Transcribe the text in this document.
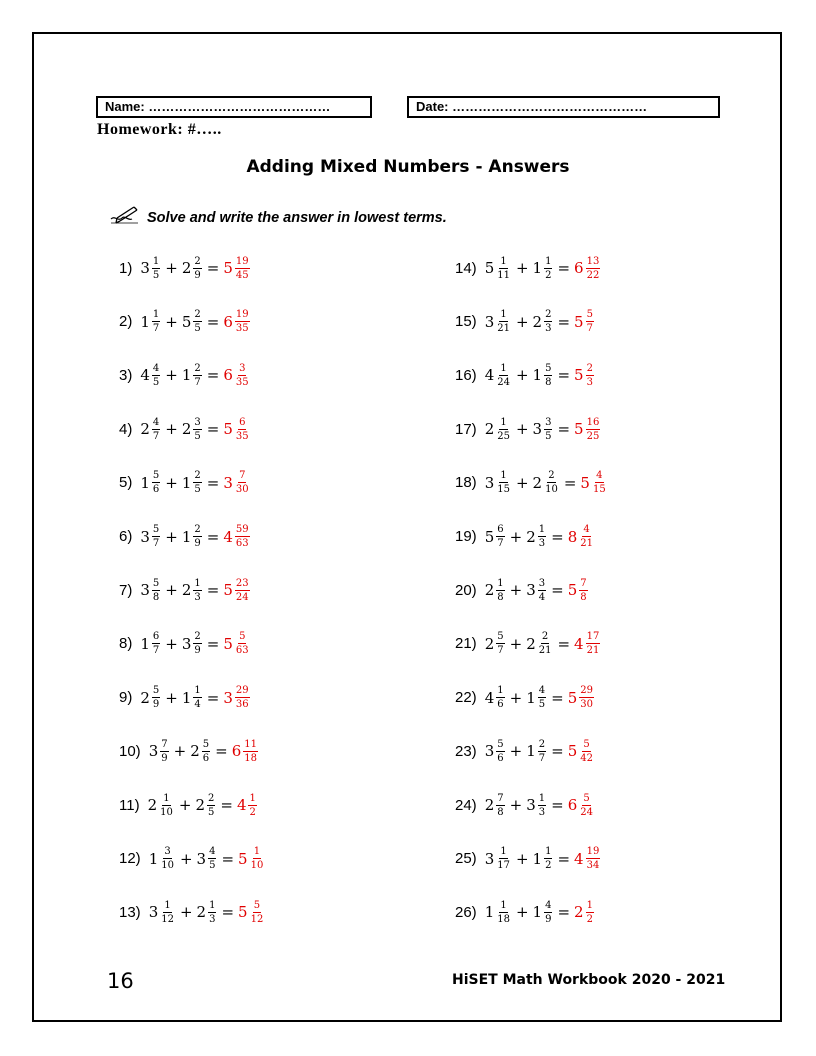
Name: ……………………………………	Date: ………………………………………
Homework: #…..
Adding Mixed Numbers - Answers
Solve and write the answer in lowest terms.
1) $3 \frac{1}{5} + 2 \frac{2}{9} = 5 \frac{19}{45}$
2) $1 \frac{1}{7} + 5 \frac{2}{5} = 6 \frac{19}{35}$
3) $4 \frac{4}{5} + 1 \frac{2}{7} = 6 \frac{3}{35}$
4) $2 \frac{4}{7} + 2 \frac{3}{5} = 5 \frac{6}{35}$
5) $1 \frac{5}{6} + 1 \frac{2}{5} = 3 \frac{7}{30}$
6) $3 \frac{5}{7} + 1 \frac{2}{9} = 4 \frac{59}{63}$
7) $3 \frac{5}{8} + 2 \frac{1}{3} = 5 \frac{23}{24}$
8) $1 \frac{6}{7} + 3 \frac{2}{9} = 5 \frac{5}{63}$
9) $2 \frac{5}{9} + 1 \frac{1}{4} = 3 \frac{29}{36}$
10) $3 \frac{7}{9} + 2 \frac{5}{6} = 6 \frac{11}{18}$
11) $2 \frac{1}{10} + 2 \frac{2}{5} = 4 \frac{1}{2}$
12) $1 \frac{3}{10} + 3 \frac{4}{5} = 5 \frac{1}{10}$
13) $3 \frac{1}{12} + 2 \frac{1}{3} = 5 \frac{5}{12}$
14) $5 \frac{1}{11} + 1 \frac{1}{2} = 6 \frac{13}{22}$
15) $3 \frac{1}{21} + 2 \frac{2}{3} = 5 \frac{5}{7}$
16) $4 \frac{1}{24} + 1 \frac{5}{8} = 5 \frac{2}{3}$
17) $2 \frac{1}{25} + 3 \frac{3}{5} = 5 \frac{16}{25}$
18) $3 \frac{1}{15} + 2 \frac{2}{10} = 5 \frac{4}{15}$
19) $5 \frac{6}{7} + 2 \frac{1}{3} = 8 \frac{4}{21}$
20) $2 \frac{1}{8} + 3 \frac{3}{4} = 5 \frac{7}{8}$
21) $2 \frac{5}{7} + 2 \frac{2}{21} = 4 \frac{17}{21}$
22) $4 \frac{1}{6} + 1 \frac{4}{5} = 5 \frac{29}{30}$
23) $3 \frac{5}{6} + 1 \frac{2}{7} = 5 \frac{5}{42}$
24) $2 \frac{7}{8} + 3 \frac{1}{3} = 6 \frac{5}{24}$
25) $3 \frac{1}{17} + 1 \frac{1}{2} = 4 \frac{19}{34}$
26) $1 \frac{1}{18} + 1 \frac{4}{9} = 2 \frac{1}{2}$
16	HiSET Math Workbook 2020 - 2021
